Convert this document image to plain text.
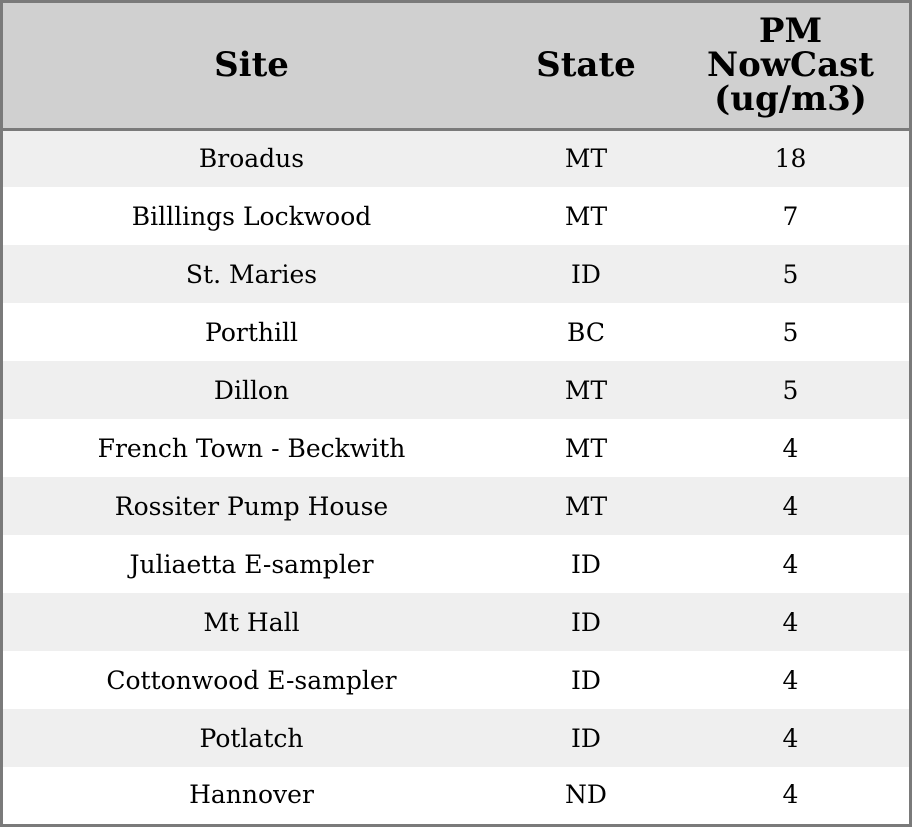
Site	State	PM
NowCast
(ug/m3)

Broadus	MT	18
Billlings Lockwood	MT	7
St. Maries	ID	5
Porthill	BC	5
Dillon	MT	5
French Town - Beckwith	MT	4
Rossiter Pump House	MT	4
Juliaetta E-sampler	ID	4
Mt Hall	ID	4
Cottonwood E-sampler	ID	4
Potlatch	ID	4
Hannover	ND	4
